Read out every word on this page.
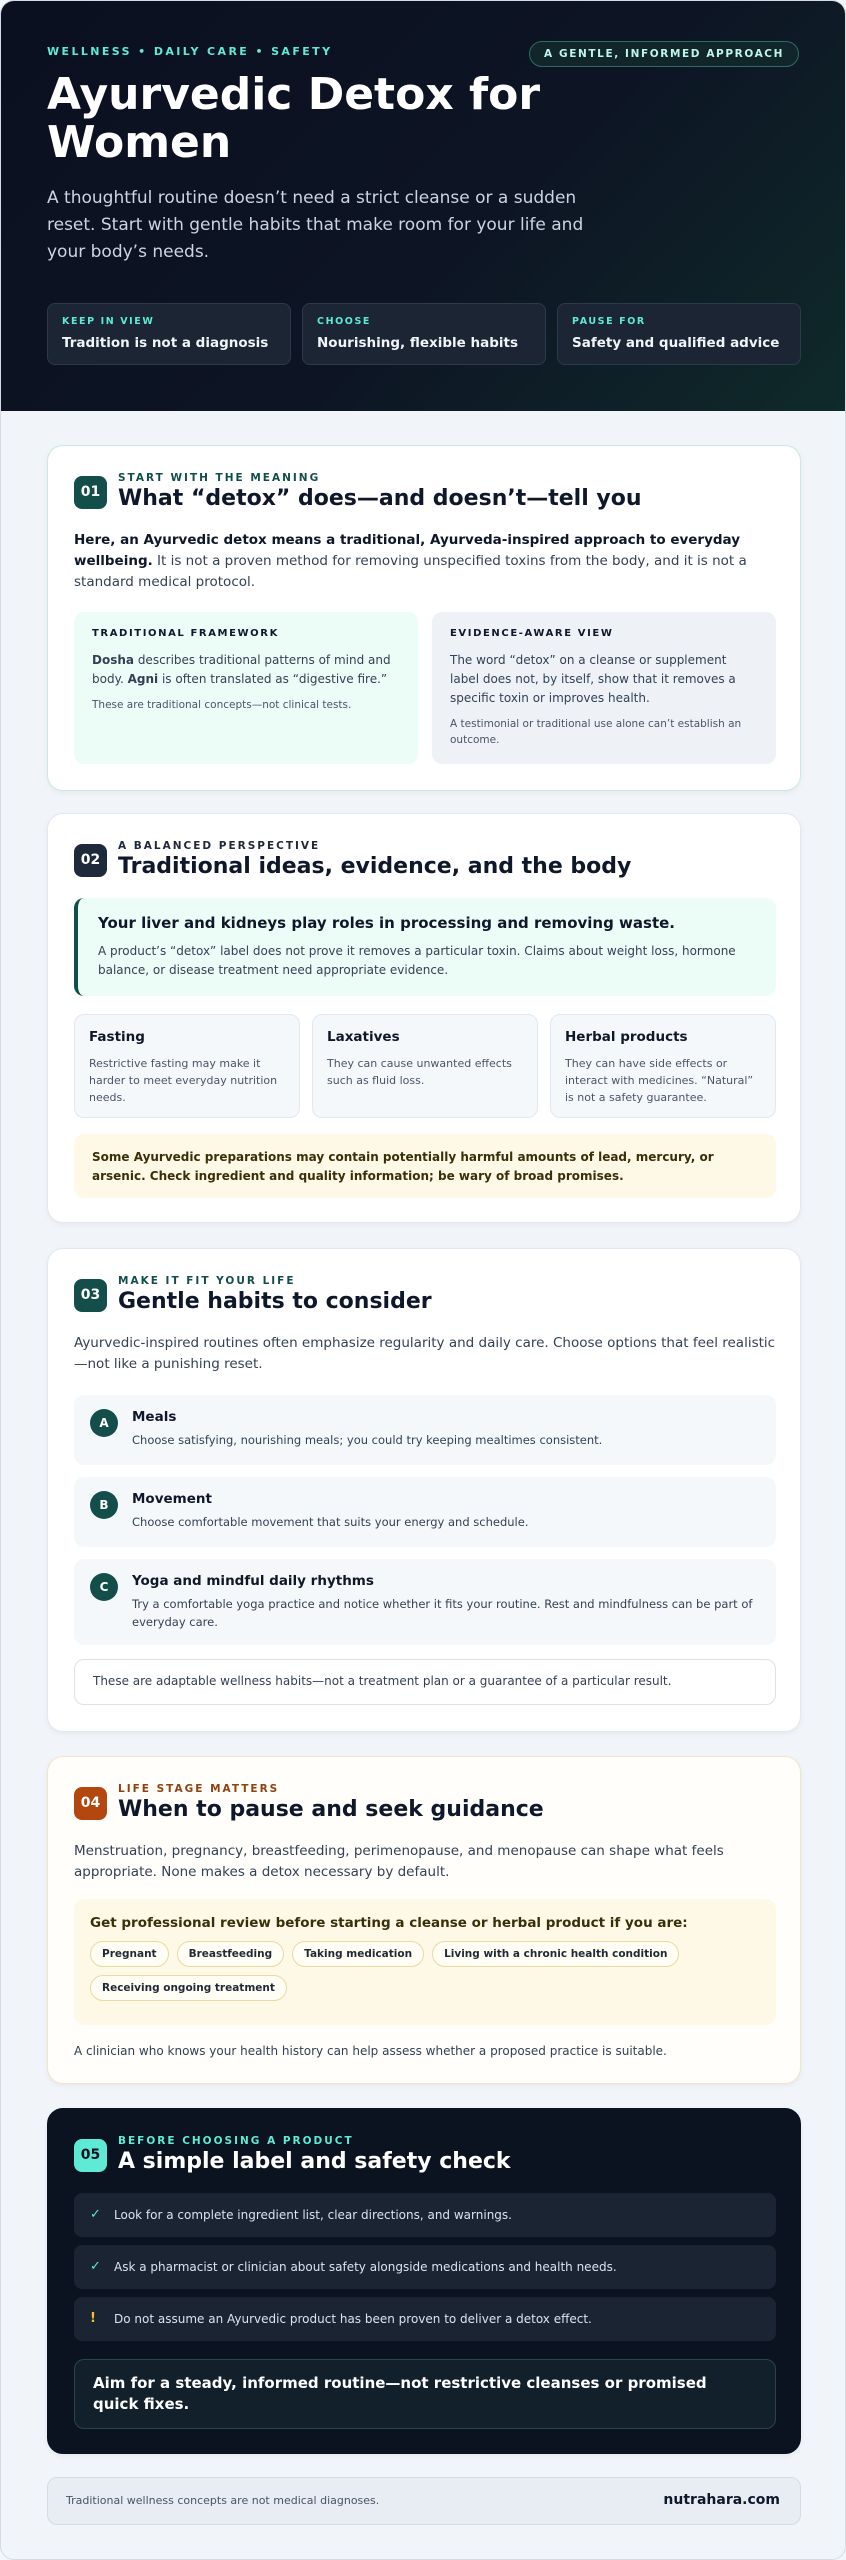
WELLNESS • DAILY CARE • SAFETY	A GENTLE, INFORMED APPROACH
Ayurvedic Detox for Women

A thoughtful routine doesn’t need a strict cleanse or a sudden reset. Start with gentle habits that make room for your life and your body’s needs.

KEEP IN VIEW
Tradition is not a diagnosis
CHOOSE
Nourishing, flexible habits
PAUSE FOR
Safety and qualified advice
01
START WITH THE MEANING
What “detox” does—and doesn’t—tell you

Here, an Ayurvedic detox means a traditional, Ayurveda-inspired approach to everyday wellbeing. It is not a proven method for removing unspecified toxins from the body, and it is not a standard medical protocol.

TRADITIONAL FRAMEWORK
Dosha describes traditional patterns of mind and body. Agni is often translated as “digestive fire.”
These are traditional concepts—not clinical tests.
EVIDENCE-AWARE VIEW
The word “detox” on a cleanse or supplement label does not, by itself, show that it removes a specific toxin or improves health.
A testimonial or traditional use alone can’t establish an outcome.
02
A BALANCED PERSPECTIVE
Traditional ideas, evidence, and the body
Your liver and kidneys play roles in processing and removing waste.
A product’s “detox” label does not prove it removes a particular toxin. Claims about weight loss, hormone balance, or disease treatment need appropriate evidence.
Fasting
Restrictive fasting may make it harder to meet everyday nutrition needs.
Laxatives
They can cause unwanted effects such as fluid loss.
Herbal products
They can have side effects or interact with medicines. “Natural” is not a safety guarantee.
Some Ayurvedic preparations may contain potentially harmful amounts of lead, mercury, or arsenic. Check ingredient and quality information; be wary of broad promises.
03
MAKE IT FIT YOUR LIFE
Gentle habits to consider

Ayurvedic-inspired routines often emphasize regularity and daily care. Choose options that feel realistic—not like a punishing reset.

A	Meals
Choose satisfying, nourishing meals; you could try keeping mealtimes consistent.
B	Movement
Choose comfortable movement that suits your energy and schedule.
C	Yoga and mindful daily rhythms
Try a comfortable yoga practice and notice whether it fits your routine. Rest and mindfulness can be part of everyday care.
These are adaptable wellness habits—not a treatment plan or a guarantee of a particular result.
04
LIFE STAGE MATTERS
When to pause and seek guidance

Menstruation, pregnancy, breastfeeding, perimenopause, and menopause can shape what feels appropriate. None makes a detox necessary by default.

Get professional review before starting a cleanse or herbal product if you are:
Pregnant	Breastfeeding	Taking medication	Living with a chronic health condition
Receiving ongoing treatment

A clinician who knows your health history can help assess whether a proposed practice is suitable.

05
BEFORE CHOOSING A PRODUCT
A simple label and safety check
✓ Look for a complete ingredient list, clear directions, and warnings.
✓ Ask a pharmacist or clinician about safety alongside medications and health needs.
! Do not assume an Ayurvedic product has been proven to deliver a detox effect.
Aim for a steady, informed routine—not restrictive cleanses or promised quick fixes.
Traditional wellness concepts are not medical diagnoses.	nutrahara.com
